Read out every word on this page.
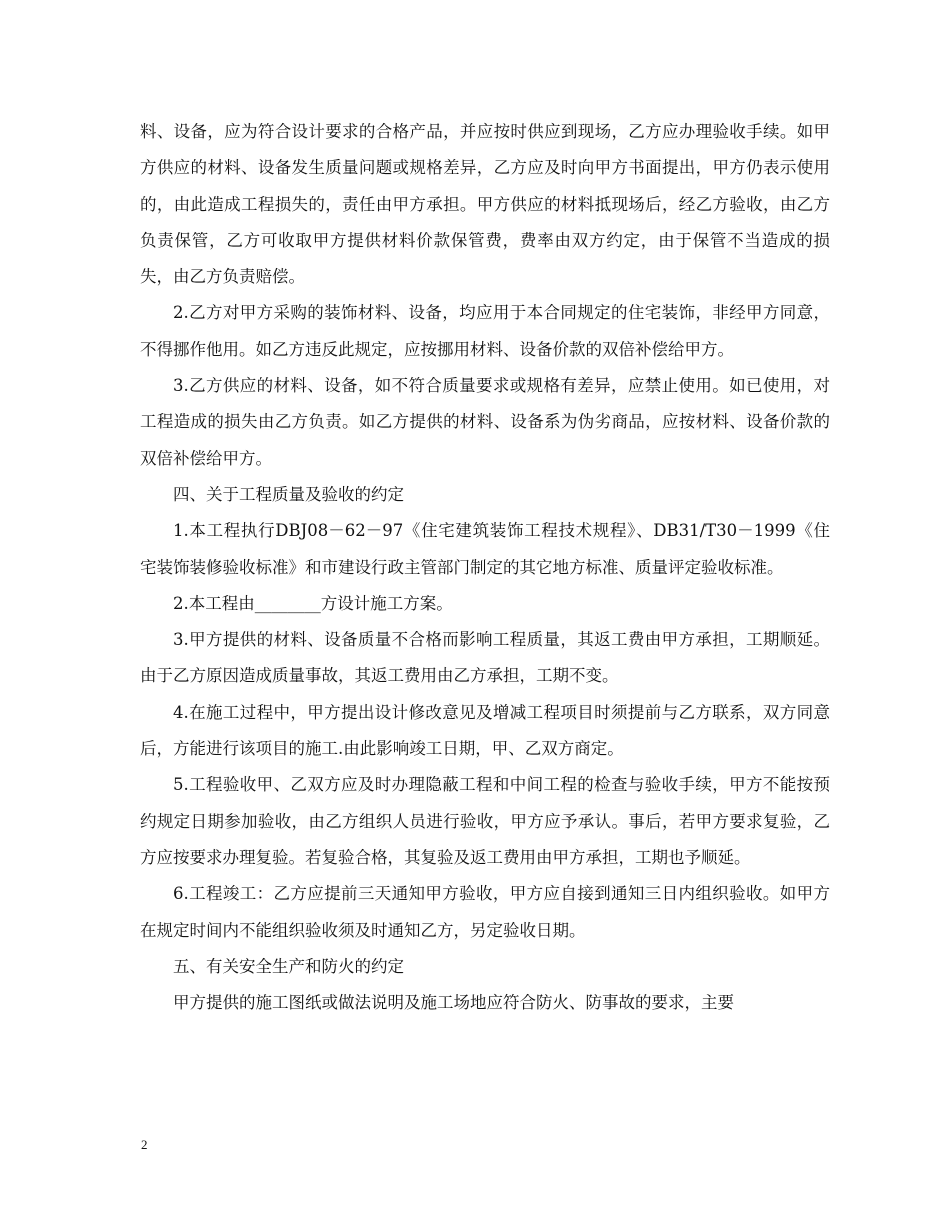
料、设备，应为符合设计要求的合格产品，并应按时供应到现场，乙方应办理验收手续。如甲方供应的材料、设备发生质量问题或规格差异，乙方应及时向甲方书面提出，甲方仍表示使用的，由此造成工程损失的，责任由甲方承担。甲方供应的材料抵现场后，经乙方验收，由乙方负责保管，乙方可收取甲方提供材料价款保管费，费率由双方约定，由于保管不当造成的损失，由乙方负责赔偿。

2.乙方对甲方采购的装饰材料、设备，均应用于本合同规定的住宅装饰，非经甲方同意，不得挪作他用。如乙方违反此规定，应按挪用材料、设备价款的双倍补偿给甲方。

3.乙方供应的材料、设备，如不符合质量要求或规格有差异，应禁止使用。如已使用，对工程造成的损失由乙方负责。如乙方提供的材料、设备系为伪劣商品，应按材料、设备价款的双倍补偿给甲方。

四、关于工程质量及验收的约定

1.本工程执行DBJ08－62－97《住宅建筑装饰工程技术规程》、DB31/T30－1999《住宅装饰装修验收标准》和市建设行政主管部门制定的其它地方标准、质量评定验收标准。

2.本工程由________方设计施工方案。

3.甲方提供的材料、设备质量不合格而影响工程质量，其返工费由甲方承担，工期顺延。由于乙方原因造成质量事故，其返工费用由乙方承担，工期不变。

4.在施工过程中，甲方提出设计修改意见及增减工程项目时须提前与乙方联系，双方同意后，方能进行该项目的施工.由此影响竣工日期，甲、乙双方商定。

5.工程验收甲、乙双方应及时办理隐蔽工程和中间工程的检查与验收手续，甲方不能按预约规定日期参加验收，由乙方组织人员进行验收，甲方应予承认。事后，若甲方要求复验，乙方应按要求办理复验。若复验合格，其复验及返工费用由甲方承担，工期也予顺延。

6.工程竣工：乙方应提前三天通知甲方验收，甲方应自接到通知三日内组织验收。如甲方在规定时间内不能组织验收须及时通知乙方，另定验收日期。

五、有关安全生产和防火的约定

甲方提供的施工图纸或做法说明及施工场地应符合防火、防事故的要求，主要

2
